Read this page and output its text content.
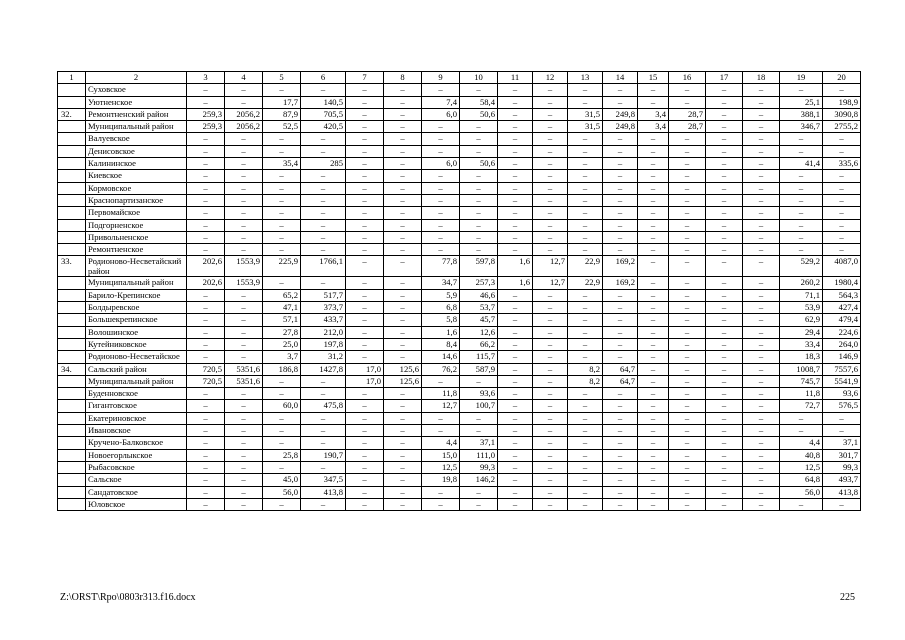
1	2	3	4	5	6	7	8	9	10	11	12	13	14	15	16	17	18	19	20
	Суховское	–	–	–	–	–	–	–	–	–	–	–	–	–	–	–	–	–	–
	Уютненское	–	–	17,7	140,5	–	–	7,4	58,4	–	–	–	–	–	–	–	–	25,1	198,9
32.	Ремонтненский район	259,3	2056,2	87,9	705,5	–	–	6,0	50,6	–	–	31,5	249,8	3,4	28,7	–	–	388,1	3090,8
	Муниципальный район	259,3	2056,2	52,5	420,5	–	–	–	–	–	–	31,5	249,8	3,4	28,7	–	–	346,7	2755,2
	Валуевское	–	–	–	–	–	–	–	–	–	–	–	–	–	–	–	–	–	–
	Денисовское	–	–	–	–	–	–	–	–	–	–	–	–	–	–	–	–	–	–
	Калининское	–	–	35,4	285	–	–	6,0	50,6	–	–	–	–	–	–	–	–	41,4	335,6
	Киевское	–	–	–	–	–	–	–	–	–	–	–	–	–	–	–	–	–	–
	Кормовское	–	–	–	–	–	–	–	–	–	–	–	–	–	–	–	–	–	–
	Краснопартизанское	–	–	–	–	–	–	–	–	–	–	–	–	–	–	–	–	–	–
	Первомайское	–	–	–	–	–	–	–	–	–	–	–	–	–	–	–	–	–	–
	Подгорненское	–	–	–	–	–	–	–	–	–	–	–	–	–	–	–	–	–	–
	Привольненское	–	–	–	–	–	–	–	–	–	–	–	–	–	–	–	–	–	–
	Ремонтненское	–	–	–	–	–	–	–	–	–	–	–	–	–	–	–	–	–	–
33.	Родионово-Несветайский район	202,6	1553,9	225,9	1766,1	–	–	77,8	597,8	1,6	12,7	22,9	169,2	–	–	–	–	529,2	4087,0
	Муниципальный район	202,6	1553,9	–	–	–	–	34,7	257,3	1,6	12,7	22,9	169,2	–	–	–	–	260,2	1980,4
	Барило-Крепинское	–	–	65,2	517,7	–	–	5,9	46,6	–	–	–	–	–	–	–	–	71,1	564,3
	Болдыревское	–	–	47,1	373,7	–	–	6,8	53,7	–	–	–	–	–	–	–	–	53,9	427,4
	Большекрепинское	–	–	57,1	433,7	–	–	5,8	45,7	–	–	–	–	–	–	–	–	62,9	479,4
	Волошинское	–	–	27,8	212,0	–	–	1,6	12,6	–	–	–	–	–	–	–	–	29,4	224,6
	Кутейниковское	–	–	25,0	197,8	–	–	8,4	66,2	–	–	–	–	–	–	–	–	33,4	264,0
	Родионово-Несветайское	–	–	3,7	31,2	–	–	14,6	115,7	–	–	–	–	–	–	–	–	18,3	146,9
34.	Сальский район	720,5	5351,6	186,8	1427,8	17,0	125,6	76,2	587,9	–	–	8,2	64,7	–	–	–	–	1008,7	7557,6
	Муниципальный район	720,5	5351,6	–	–	17,0	125,6	–	–	–	–	8,2	64,7	–	–	–	–	745,7	5541,9
	Буденновское	–	–	–	–	–	–	11,8	93,6	–	–	–	–	–	–	–	–	11,8	93,6
	Гигантовское	–	–	60,0	475,8	–	–	12,7	100,7	–	–	–	–	–	–	–	–	72,7	576,5
	Екатериновское	–	–	–	–	–	–	–	–	–	–	–	–	–	–	–	–	–	–
	Ивановское	–	–	–	–	–	–	–	–	–	–	–	–	–	–	–	–	–	–
	Кручено-Балковское	–	–	–	–	–	–	4,4	37,1	–	–	–	–	–	–	–	–	4,4	37,1
	Новоегорлыкское	–	–	25,8	190,7	–	–	15,0	111,0	–	–	–	–	–	–	–	–	40,8	301,7
	Рыбасовское	–	–	–	–	–	–	12,5	99,3	–	–	–	–	–	–	–	–	12,5	99,3
	Сальское	–	–	45,0	347,5	–	–	19,8	146,2	–	–	–	–	–	–	–	–	64,8	493,7
	Сандатовское	–	–	56,0	413,8	–	–	–	–	–	–	–	–	–	–	–	–	56,0	413,8
	Юловское	–	–	–	–	–	–	–	–	–	–	–	–	–	–	–	–	–	–
Z:\ORST\Rpo\0803r313.f16.docx	225
